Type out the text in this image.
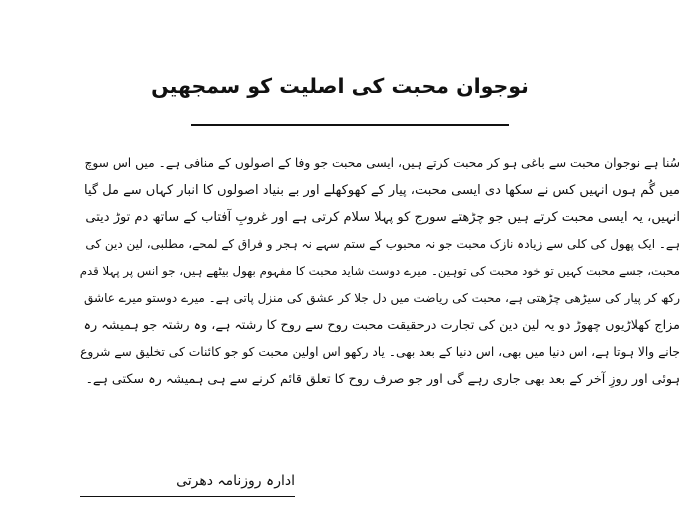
نوجوان محبت کی اصلیت کو سمجھیں
سُنا ہے نوجوان محبت سے باغی ہو کر محبت کرتے ہیں، ایسی محبت جو وفا کے اصولوں کے منافی ہے۔ میں اس سوچ
میں گُم ہوں انہیں کس نے سکھا دی ایسی محبت، پیار کے کھوکھلے اور بے بنیاد اصولوں کا انبار کہاں سے مل گیا
انہیں، یہ ایسی محبت کرتے ہیں جو چڑھتے سورج کو پہلا سلام کرتی ہے اور غروبِ آفتاب کے ساتھ دم توڑ دیتی
ہے۔ ایک پھول کی کلی سے زیادہ نازک محبت جو نہ محبوب کے ستم سہے نہ ہجر و فراق کے لمحے، مطلبی، لین دین کی
محبت، جسے محبت کہیں تو خود محبت کی توہین۔ میرے دوست شاید محبت کا مفہوم بھول بیٹھے ہیں، جو انس پر پہلا قدم
رکھ کر پیار کی سیڑھی چڑھتی ہے، محبت کی ریاضت میں دل جلا کر عشق کی منزل پاتی ہے۔ میرے دوستو میرے عاشق
مزاج کھلاڑیوں چھوڑ دو یہ لین دین کی تجارت درحقیقت محبت روح سے روح کا رشتہ ہے، وہ رشتہ جو ہمیشہ رہ
جانے والا ہوتا ہے، اس دنیا میں بھی، اس دنیا کے بعد بھی۔ یاد رکھو اس اولین محبت کو جو کائنات کی تخلیق سے شروع
ہوئی اور روزِ آخر کے بعد بھی جاری رہے گی اور جو صرف روح کا تعلق قائم کرنے سے ہی ہمیشہ رہ سکتی ہے۔
ادارہ روزنامہ دھرتی
